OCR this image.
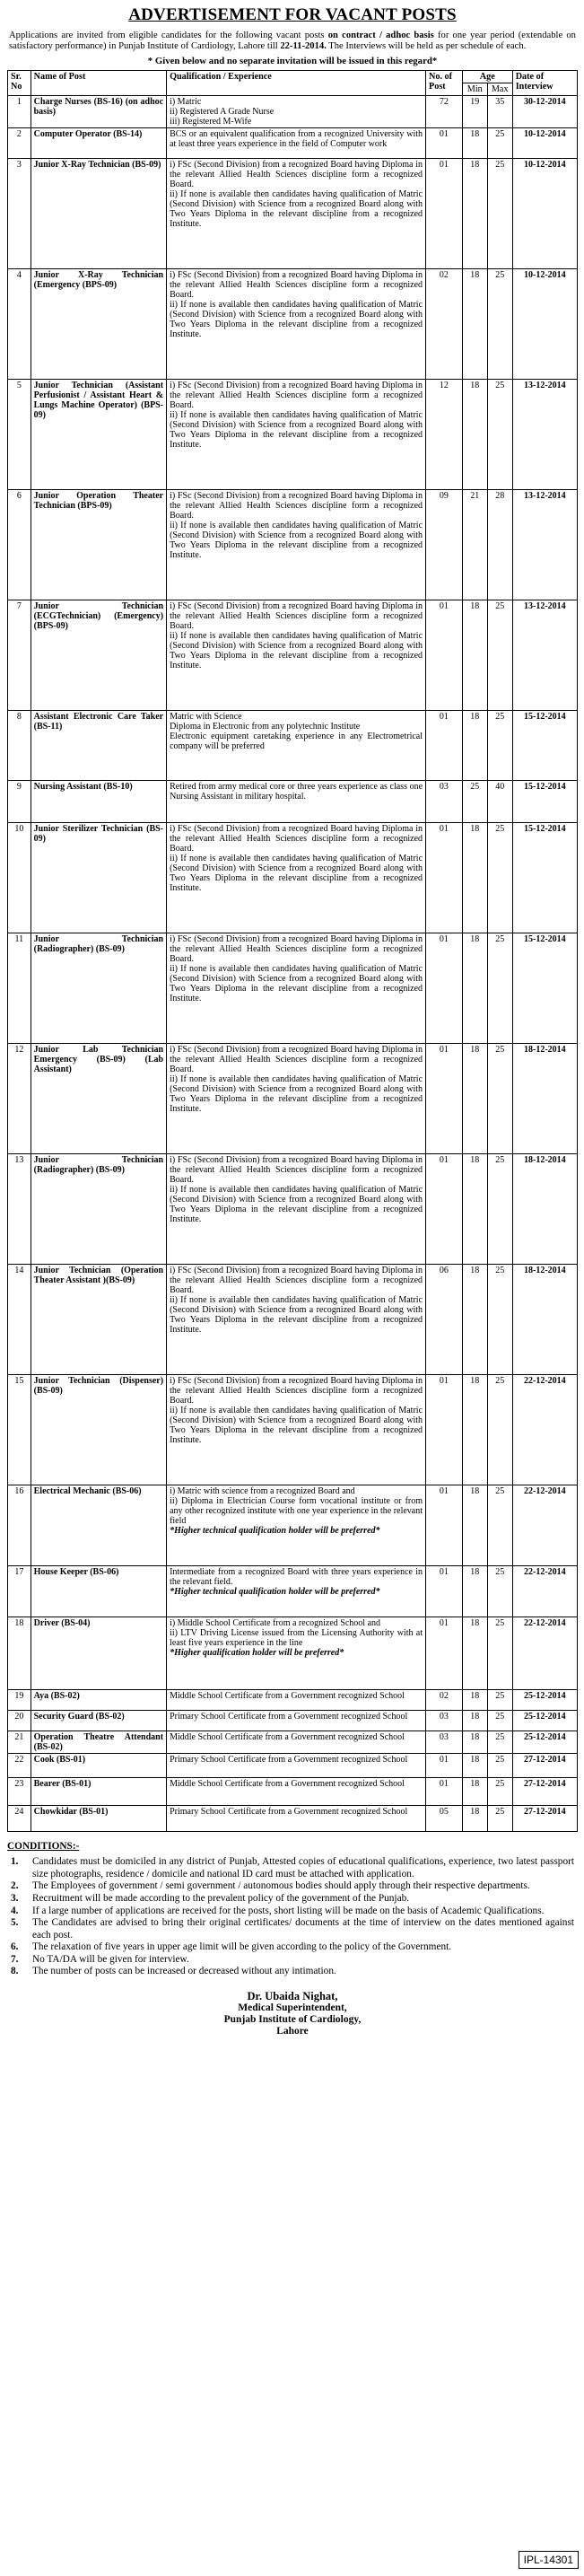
ADVERTISEMENT FOR VACANT POSTS
Applications are invited from eligible candidates for the following vacant posts on contract / adhoc basis for one year period (extendable on satisfactory performance) in Punjab Institute of Cardiology, Lahore till 22-11-2014. The Interviews will be held as per schedule of each.
* Given below and no separate invitation will be issued in this regard*
Sr. No	Name of Post	Qualification / Experience	No. of Post	Age		Date of Interview
				Min	Max	
1	Charge Nurses (BS-16) (on adhoc basis)	i) Matric
ii) Registered A Grade Nurse
iii) Registered M-Wife	72	19	35	30-12-2014
2	Computer Operator (BS-14)	BCS or an equivalent qualification from a recognized University with at least three years experience in the field of Computer work	01	18	25	10-12-2014
3	Junior X-Ray Technician (BS-09)	i) FSc (Second Division) from a recognized Board having Diploma in the relevant Allied Health Sciences discipline form a recognized Board.
ii) If none is available then candidates having qualification of Matric (Second Division) with Science from a recognized Board along with Two Years Diploma in the relevant discipline from a recognized Institute.	01	18	25	10-12-2014
4	Junior X-Ray Technician (Emergency (BPS-09)	i) FSc (Second Division) from a recognized Board having Diploma in the relevant Allied Health Sciences discipline form a recognized Board.
ii) If none is available then candidates having qualification of Matric (Second Division) with Science from a recognized Board along with Two Years Diploma in the relevant discipline from a recognized Institute.	02	18	25	10-12-2014
5	Junior Technician (Assistant Perfusionist / Assistant Heart & Lungs Machine Operator) (BPS-09)	i) FSc (Second Division) from a recognized Board having Diploma in the relevant Allied Health Sciences discipline form a recognized Board.
ii) If none is available then candidates having qualification of Matric (Second Division) with Science from a recognized Board along with Two Years Diploma in the relevant discipline from a recognized Institute.	12	18	25	13-12-2014
6	Junior Operation Theater Technician (BPS-09)	i) FSc (Second Division) from a recognized Board having Diploma in the relevant Allied Health Sciences discipline form a recognized Board.
ii) If none is available then candidates having qualification of Matric (Second Division) with Science from a recognized Board along with Two Years Diploma in the relevant discipline from a recognized Institute.	09	21	28	13-12-2014
7	Junior Technician (ECGTechnician) (Emergency) (BPS-09)	i) FSc (Second Division) from a recognized Board having Diploma in the relevant Allied Health Sciences discipline form a recognized Board.
ii) If none is available then candidates having qualification of Matric (Second Division) with Science from a recognized Board along with Two Years Diploma in the relevant discipline from a recognized Institute.	01	18	25	13-12-2014
8	Assistant Electronic Care Taker (BS-11)	Matric with Science
Diploma in Electronic from any polytechnic Institute
Electronic equipment caretaking experience in any Electrometrical company will be preferred	01	18	25	15-12-2014
9	Nursing Assistant (BS-10)	Retired from army medical core or three years experience as class one Nursing Assistant in military hospital.	03	25	40	15-12-2014
10	Junior Sterilizer Technician (BS-09)	i) FSc (Second Division) from a recognized Board having Diploma in the relevant Allied Health Sciences discipline form a recognized Board.
ii) If none is available then candidates having qualification of Matric (Second Division) with Science from a recognized Board along with Two Years Diploma in the relevant discipline from a recognized Institute.	01	18	25	15-12-2014
11	Junior Technician (Radiographer) (BS-09)	i) FSc (Second Division) from a recognized Board having Diploma in the relevant Allied Health Sciences discipline form a recognized Board.
ii) If none is available then candidates having qualification of Matric (Second Division) with Science from a recognized Board along with Two Years Diploma in the relevant discipline from a recognized Institute.	01	18	25	15-12-2014
12	Junior Lab Technician Emergency (BS-09) (Lab Assistant)	i) FSc (Second Division) from a recognized Board having Diploma in the relevant Allied Health Sciences discipline form a recognized Board.
ii) If none is available then candidates having qualification of Matric (Second Division) with Science from a recognized Board along with Two Years Diploma in the relevant discipline from a recognized Institute.	01	18	25	18-12-2014
13	Junior Technician (Radiographer) (BS-09)	i) FSc (Second Division) from a recognized Board having Diploma in the relevant Allied Health Sciences discipline form a recognized Board.
ii) If none is available then candidates having qualification of Matric (Second Division) with Science from a recognized Board along with Two Years Diploma in the relevant discipline from a recognized Institute.	01	18	25	18-12-2014
14	Junior Technician (Operation Theater Assistant )(BS-09)	i) FSc (Second Division) from a recognized Board having Diploma in the relevant Allied Health Sciences discipline form a recognized Board.
ii) If none is available then candidates having qualification of Matric (Second Division) with Science from a recognized Board along with Two Years Diploma in the relevant discipline from a recognized Institute.	06	18	25	18-12-2014
15	Junior Technician (Dispenser) (BS-09)	i) FSc (Second Division) from a recognized Board having Diploma in the relevant Allied Health Sciences discipline form a recognized Board.
ii) If none is available then candidates having qualification of Matric (Second Division) with Science from a recognized Board along with Two Years Diploma in the relevant discipline from a recognized Institute.	01	18	25	22-12-2014
16	Electrical Mechanic (BS-06)	i) Matric with science from a recognized Board and
ii) Diploma in Electrician Course form vocational institute or from any other recognized institute with one year experience in the relevant field
*Higher technical qualification holder will be preferred*	01	18	25	22-12-2014
17	House Keeper (BS-06)	Intermediate from a recognized Board with three years experience in the relevant field.
*Higher technical qualification holder will be preferred*	01	18	25	22-12-2014
18	Driver (BS-04)	i) Middle School Certificate from a recognized School and
ii) LTV Driving License issued from the Licensing Authority with at least five years experience in the line
*Higher qualification holder will be preferred*	01	18	25	22-12-2014
19	Aya (BS-02)	Middle School Certificate from a Government recognized School	02	18	25	25-12-2014
20	Security Guard (BS-02)	Primary School Certificate from a Government recognized School	03	18	25	25-12-2014
21	Operation Theatre Attendant (BS-02)	Middle School Certificate from a Government recognized School	03	18	25	25-12-2014
22	Cook (BS-01)	Primary School Certificate from a Government recognized School	01	18	25	27-12-2014
23	Bearer (BS-01)	Middle School Certificate from a Government recognized School	01	18	25	27-12-2014
24	Chowkidar (BS-01)	Primary School Certificate from a Government recognized School	05	18	25	27-12-2014
CONDITIONS:-
1.	Candidates must be domiciled in any district of Punjab, Attested copies of educational qualifications, experience, two latest passport size photographs, residence / domicile and national ID card must be attached with application.
2.	The Employees of government / semi government / autonomous bodies should apply through their respective departments.
3.	Recruitment will be made according to the prevalent policy of the government of the Punjab.
4.	If a large number of applications are received for the posts, short listing will be made on the basis of Academic Qualifications.
5.	The Candidates are advised to bring their original certificates/ documents at the time of interview on the dates mentioned against each post.
6.	The relaxation of five years in upper age limit will be given according to the policy of the Government.
7.	No TA/DA will be given for interview.
8.	The number of posts can be increased or decreased without any intimation.
Dr. Ubaida Nighat,
Medical Superintendent,
Punjab Institute of Cardiology,
Lahore
IPL-14301
